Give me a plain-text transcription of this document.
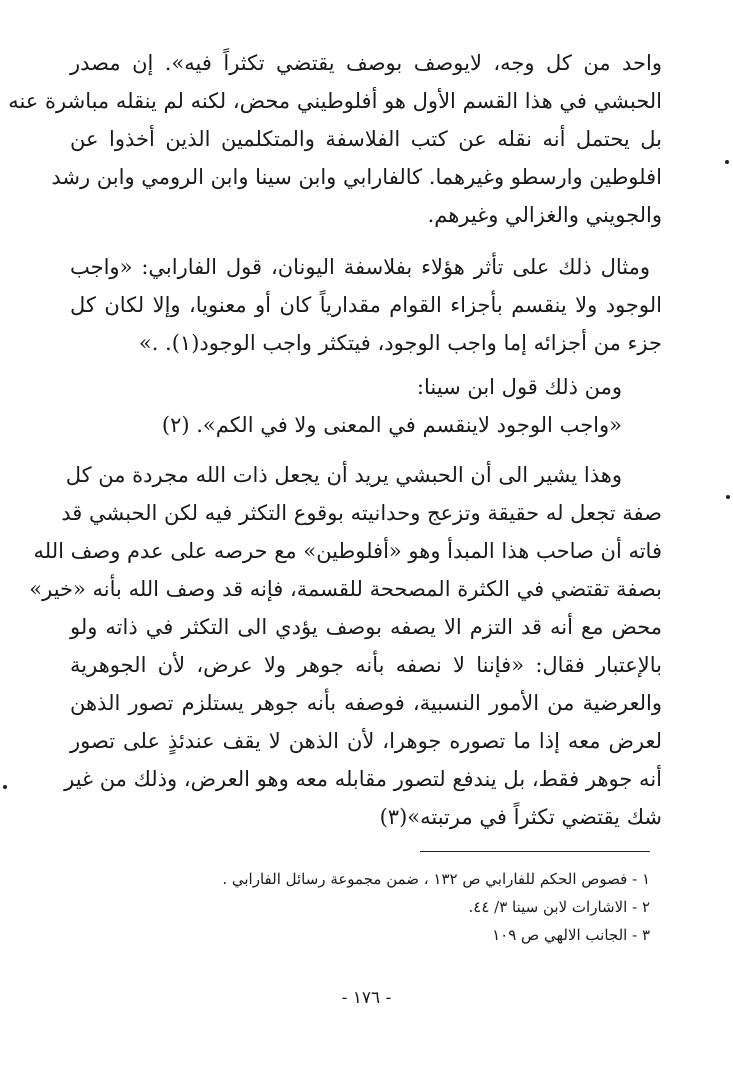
واحد من كل وجه، لايوصف بوصف يقتضي تكثراً فيه». إن مصدر
الحبشي في هذا القسم الأول هو أفلوطيني محض، لكنه لم ينقله مباشرة عنه
بل يحتمل أنه نقله عن كتب الفلاسفة والمتكلمين الذين أخذوا عن
افلوطين وارسطو وغيرهما. كالفارابي وابن سينا وابن الرومي وابن رشد
والجويني والغزالي وغيرهم.
ومثال ذلك على تأثر هؤلاء بفلاسفة اليونان، قول الفارابي: «واجب
الوجود ولا ينقسم بأجزاء القوام مقدارياً كان أو معنويا، وإلا لكان كل
جزء من أجزائه إما واجب الوجود، فيتكثر واجب الوجود(١). .»
ومن ذلك قول ابن سينا:
«واجب الوجود لاينقسم في المعنى ولا في الكم». (٢)
وهذا يشير الى أن الحبشي يريد أن يجعل ذات الله مجردة من كل
صفة تجعل له حقيقة وتزعج وحدانيته بوقوع التكثر فيه لكن الحبشي قد
فاته أن صاحب هذا المبدأ وهو «أفلوطين» مع حرصه على عدم وصف الله
بصفة تقتضي في الكثرة المصححة للقسمة، فإنه قد وصف الله بأنه «خير»
محض مع أنه قد التزم الا يصفه بوصف يؤدي الى التكثر في ذاته ولو
بالإعتبار فقال: «فإننا لا نصفه بأنه جوهر ولا عرض، لأن الجوهرية
والعرضية من الأمور النسبية، فوصفه بأنه جوهر يستلزم تصور الذهن
لعرض معه إذا ما تصوره جوهرا، لأن الذهن لا يقف عندئذٍ على تصور
أنه جوهر فقط، بل يندفع لتصور مقابله معه وهو العرض، وذلك من غير
شك يقتضي تكثراً في مرتبته»(٣)
١ - فصوص الحكم للفارابي ص ١٣٢ ، ضمن مجموعة رسائل الفارابي .
٢ - الاشارات لابن سينا ٣/ ٤٤.
٣ - الجانب الالهي ص ١٠٩
- ١٧٦ -
